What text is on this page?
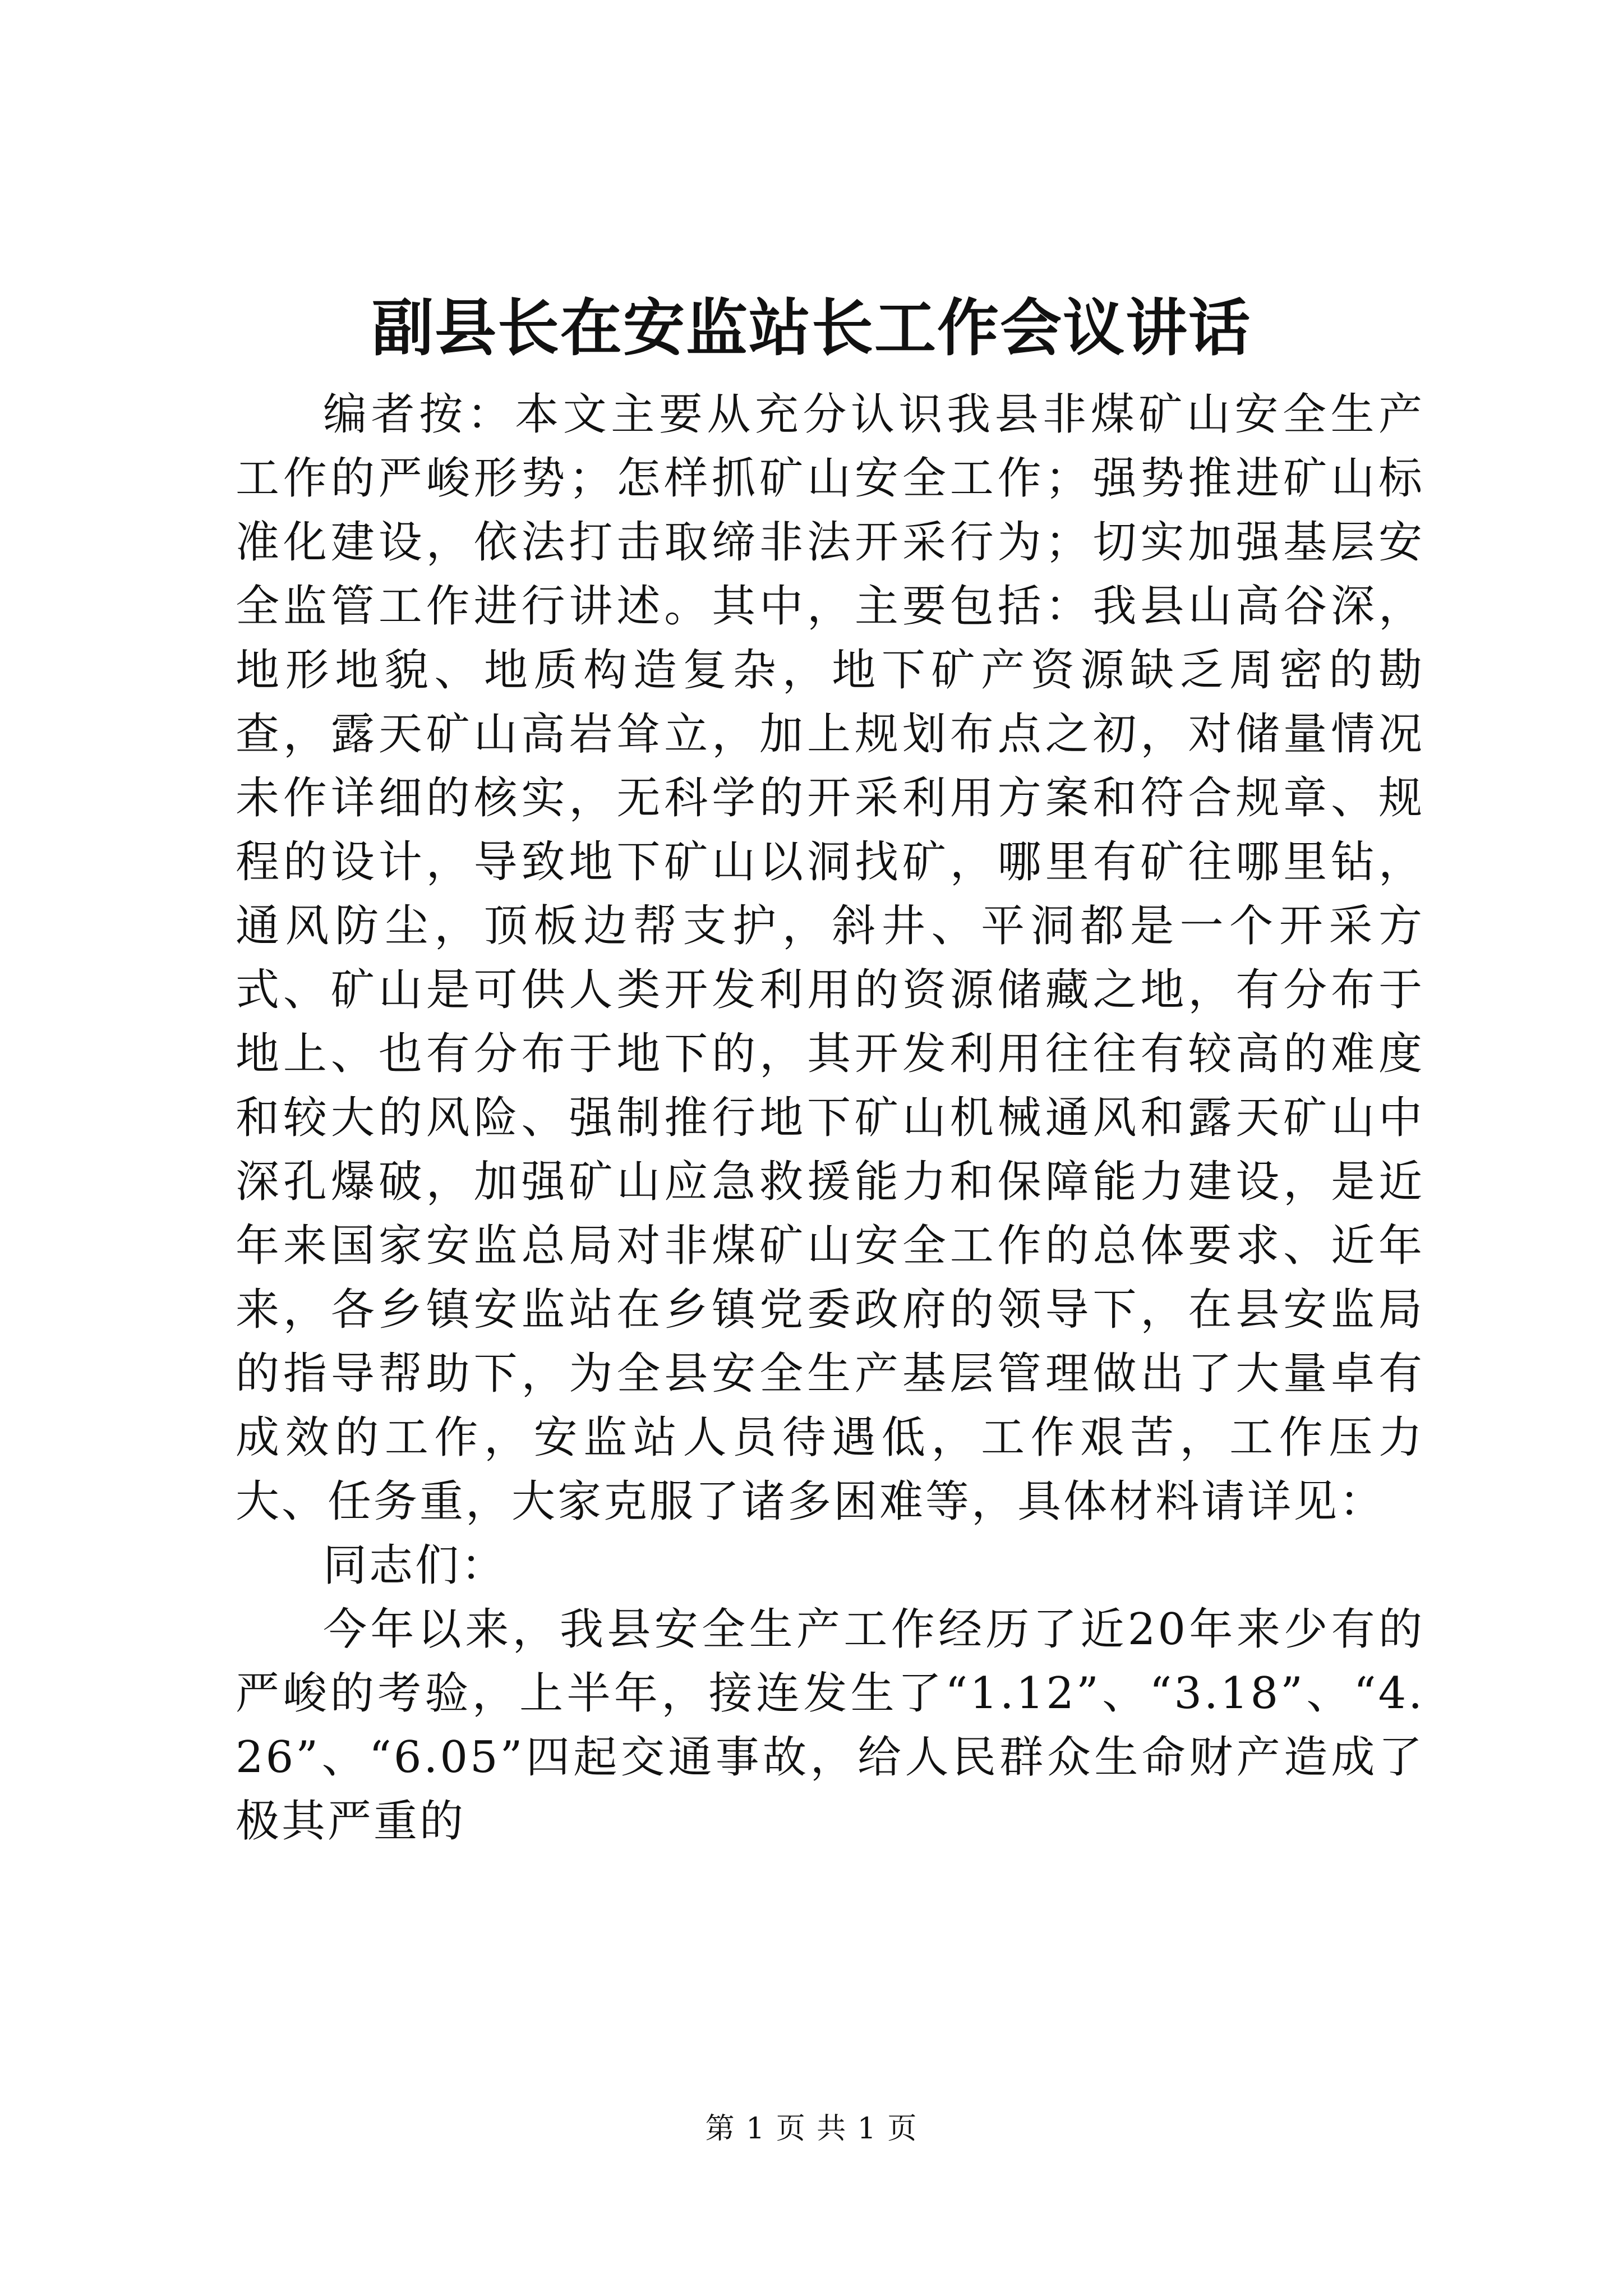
副县长在安监站长工作会议讲话

编者按：本文主要从充分认识我县非煤矿山安全生产工作的严峻形势；怎样抓矿山安全工作；强势推进矿山标准化建设，依法打击取缔非法开采行为；切实加强基层安全监管工作进行讲述。其中，主要包括：我县山高谷深，地形地貌、地质构造复杂，地下矿产资源缺乏周密的勘查，露天矿山高岩耸立，加上规划布点之初，对储量情况未作详细的核实，无科学的开采利用方案和符合规章、规程的设计，导致地下矿山以洞找矿，哪里有矿往哪里钻，通风防尘，顶板边帮支护，斜井、平洞都是一个开采方式、矿山是可供人类开发利用的资源储藏之地，有分布于地上、也有分布于地下的，其开发利用往往有较高的难度和较大的风险、强制推行地下矿山机械通风和露天矿山中深孔爆破，加强矿山应急救援能力和保障能力建设，是近年来国家安监总局对非煤矿山安全工作的总体要求、近年来，各乡镇安监站在乡镇党委政府的领导下，在县安监局的指导帮助下，为全县安全生产基层管理做出了大量卓有成效的工作，安监站人员待遇低，工作艰苦，工作压力大、任务重，大家克服了诸多困难等，具体材料请详见：

同志们：

今年以来，我县安全生产工作经历了近20年来少有的严峻的考验，上半年，接连发生了“1.12”、“3.18”、“4.26”、“6.05”四起交通事故，给人民群众生命财产造成了极其严重的

第 1 页 共 1 页
